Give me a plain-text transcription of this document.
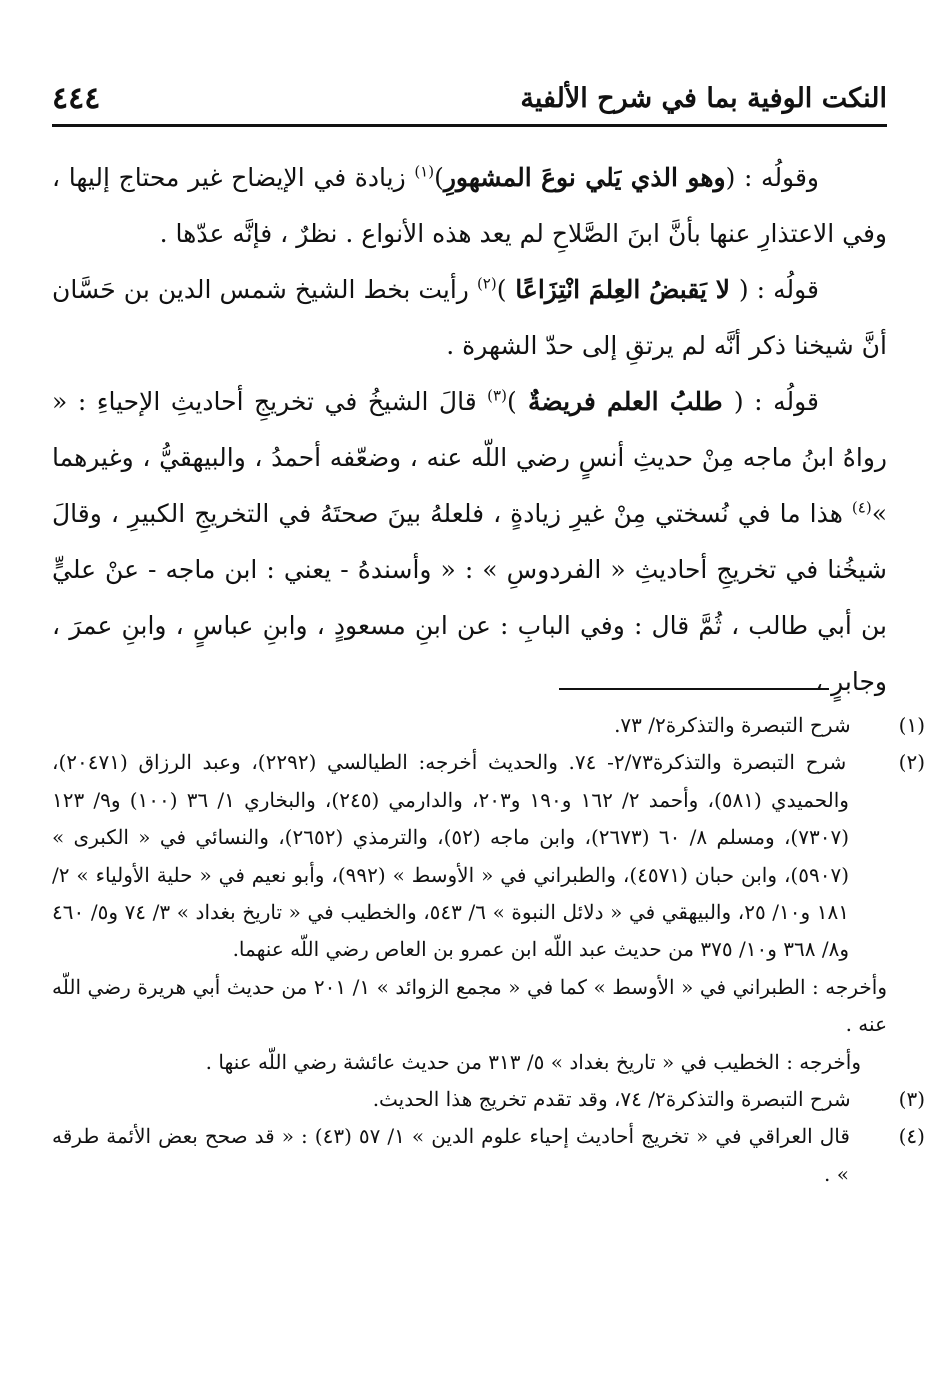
النكت الوفية بما في شرح الألفية
٤٤٤

وقولُه : (وهو الذي يَلي نوعَ المشهورِ)$^{(١)}$ زيادة في الإيضاح غير محتاج إليها ، وفي الاعتذارِ عنها بأنَّ ابنَ الصَّلاحِ لم يعد هذه الأنواع . نظرٌ ، فإنَّه عدّها .

قولُه : ( لا يَقبضُ العِلمَ انْتِزَاعًا )$^{(٢)}$ رأيت بخط الشيخ شمس الدين بن حَسَّان أنَّ شيخنا ذكر أنَّه لم يرتقِ إلى حدّ الشهرة .

قولُه : ( طلبُ العلم فريضةٌ )$^{(٣)}$ قالَ الشيخُ في تخريجِ أحاديثِ الإحياءِ : « رواهُ ابنُ ماجه مِنْ حديثِ أنسٍ رضي اللّه عنه ، وضعّفه أحمدُ ، والبيهقيُّ ، وغيرهما »$^{(٤)}$ هذا ما في نُسختي مِنْ غيرِ زيادةٍ ، فلعلهُ بينَ صحتَهُ في التخريجِ الكبيرِ ، وقالَ شيخُنا في تخريجِ أحاديثِ « الفردوسِ » : « وأسندهُ - يعني : ابن ماجه - عنْ عليٍّ بن أبي طالب ، ثُمَّ قال : وفي البابِ : عن ابنِ مسعودٍ ، وابنِ عباسٍ ، وابنِ عمرَ ، وجابرٍ ،

(١) شرح التبصرة والتذكرة٢/ ٧٣.

(٢) شرح التبصرة والتذكرة٢/٧٣- ٧٤. والحديث أخرجه: الطيالسي (٢٢٩٢)، وعبد الرزاق (٢٠٤٧١)، والحميدي (٥٨١)، وأحمد ٢/ ١٦٢ و١٩٠ و٢٠٣، والدارمي (٢٤٥)، والبخاري ١/ ٣٦ (١٠٠) و٩/ ١٢٣ (٧٣٠٧)، ومسلم ٨/ ٦٠ (٢٦٧٣)، وابن ماجه (٥٢)، والترمذي (٢٦٥٢)، والنسائي في « الكبرى » (٥٩٠٧)، وابن حبان (٤٥٧١)، والطبراني في « الأوسط » (٩٩٢)، وأبو نعيم في « حلية الأولياء » ٢/ ١٨١ و١٠/ ٢٥، والبيهقي في « دلائل النبوة » ٦/ ٥٤٣، والخطيب في « تاريخ بغداد » ٣/ ٧٤ و٥/ ٤٦٠ و٨/ ٣٦٨ و١٠/ ٣٧٥ من حديث عبد اللّه ابن عمرو بن العاص رضي اللّه عنهما.

وأخرجه : الطبراني في « الأوسط » كما في « مجمع الزوائد » ١/ ٢٠١ من حديث أبي هريرة رضي اللّه عنه .

وأخرجه : الخطيب في « تاريخ بغداد » ٥/ ٣١٣ من حديث عائشة رضي اللّه عنها .

(٣) شرح التبصرة والتذكرة٢/ ٧٤، وقد تقدم تخريج هذا الحديث.

(٤) قال العراقي في « تخريج أحاديث إحياء علوم الدين » ١/ ٥٧ (٤٣) : « قد صحح بعض الأئمة طرقه » .
